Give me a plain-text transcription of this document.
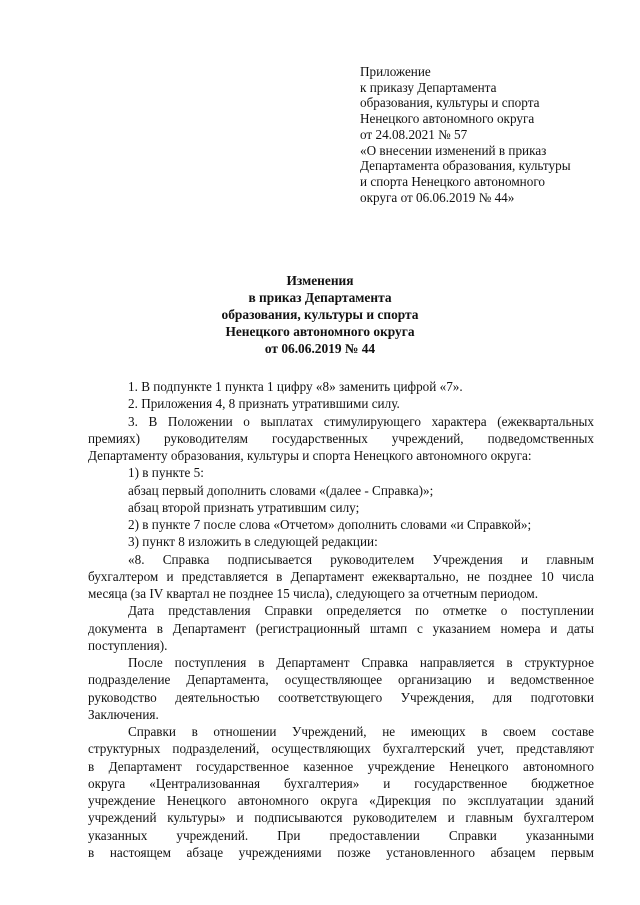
Приложение
к приказу Департамента
образования, культуры и спорта
Ненецкого автономного округа
от 24.08.2021 № 57
«О внесении изменений в приказ
Департамента образования, культуры
и спорта Ненецкого автономного
округа от 06.06.2019 № 44»
Изменения
в приказ Департамента
образования, культуры и спорта
Ненецкого автономного округа
от 06.06.2019 № 44
1. В подпункте 1 пункта 1 цифру «8» заменить цифрой «7».
2. Приложения 4, 8 признать утратившими силу.
3. В Положении о выплатах стимулирующего характера (ежеквартальных
премиях) руководителям государственных учреждений, подведомственных
Департаменту образования, культуры и спорта Ненецкого автономного округа:
1) в пункте 5:
абзац первый дополнить словами «(далее - Справка)»;
абзац второй признать утратившим силу;
2) в пункте 7 после слова «Отчетом» дополнить словами «и Справкой»;
3) пункт 8 изложить в следующей редакции:
«8. Справка подписывается руководителем Учреждения и главным
бухгалтером и представляется в Департамент ежеквартально, не позднее 10 числа
месяца (за IV квартал не позднее 15 числа), следующего за отчетным периодом.
Дата представления Справки определяется по отметке о поступлении
документа в Департамент (регистрационный штамп с указанием номера и даты
поступления).
После поступления в Департамент Справка направляется в структурное
подразделение Департамента, осуществляющее организацию и ведомственное
руководство деятельностью соответствующего Учреждения, для подготовки
Заключения.
Справки в отношении Учреждений, не имеющих в своем составе
структурных подразделений, осуществляющих бухгалтерский учет, представляют
в Департамент государственное казенное учреждение Ненецкого автономного
округа «Централизованная бухгалтерия» и государственное бюджетное
учреждение Ненецкого автономного округа «Дирекция по эксплуатации зданий
учреждений культуры» и подписываются руководителем и главным бухгалтером
указанных учреждений. При предоставлении Справки указанными
в настоящем абзаце учреждениями позже установленного абзацем первым
